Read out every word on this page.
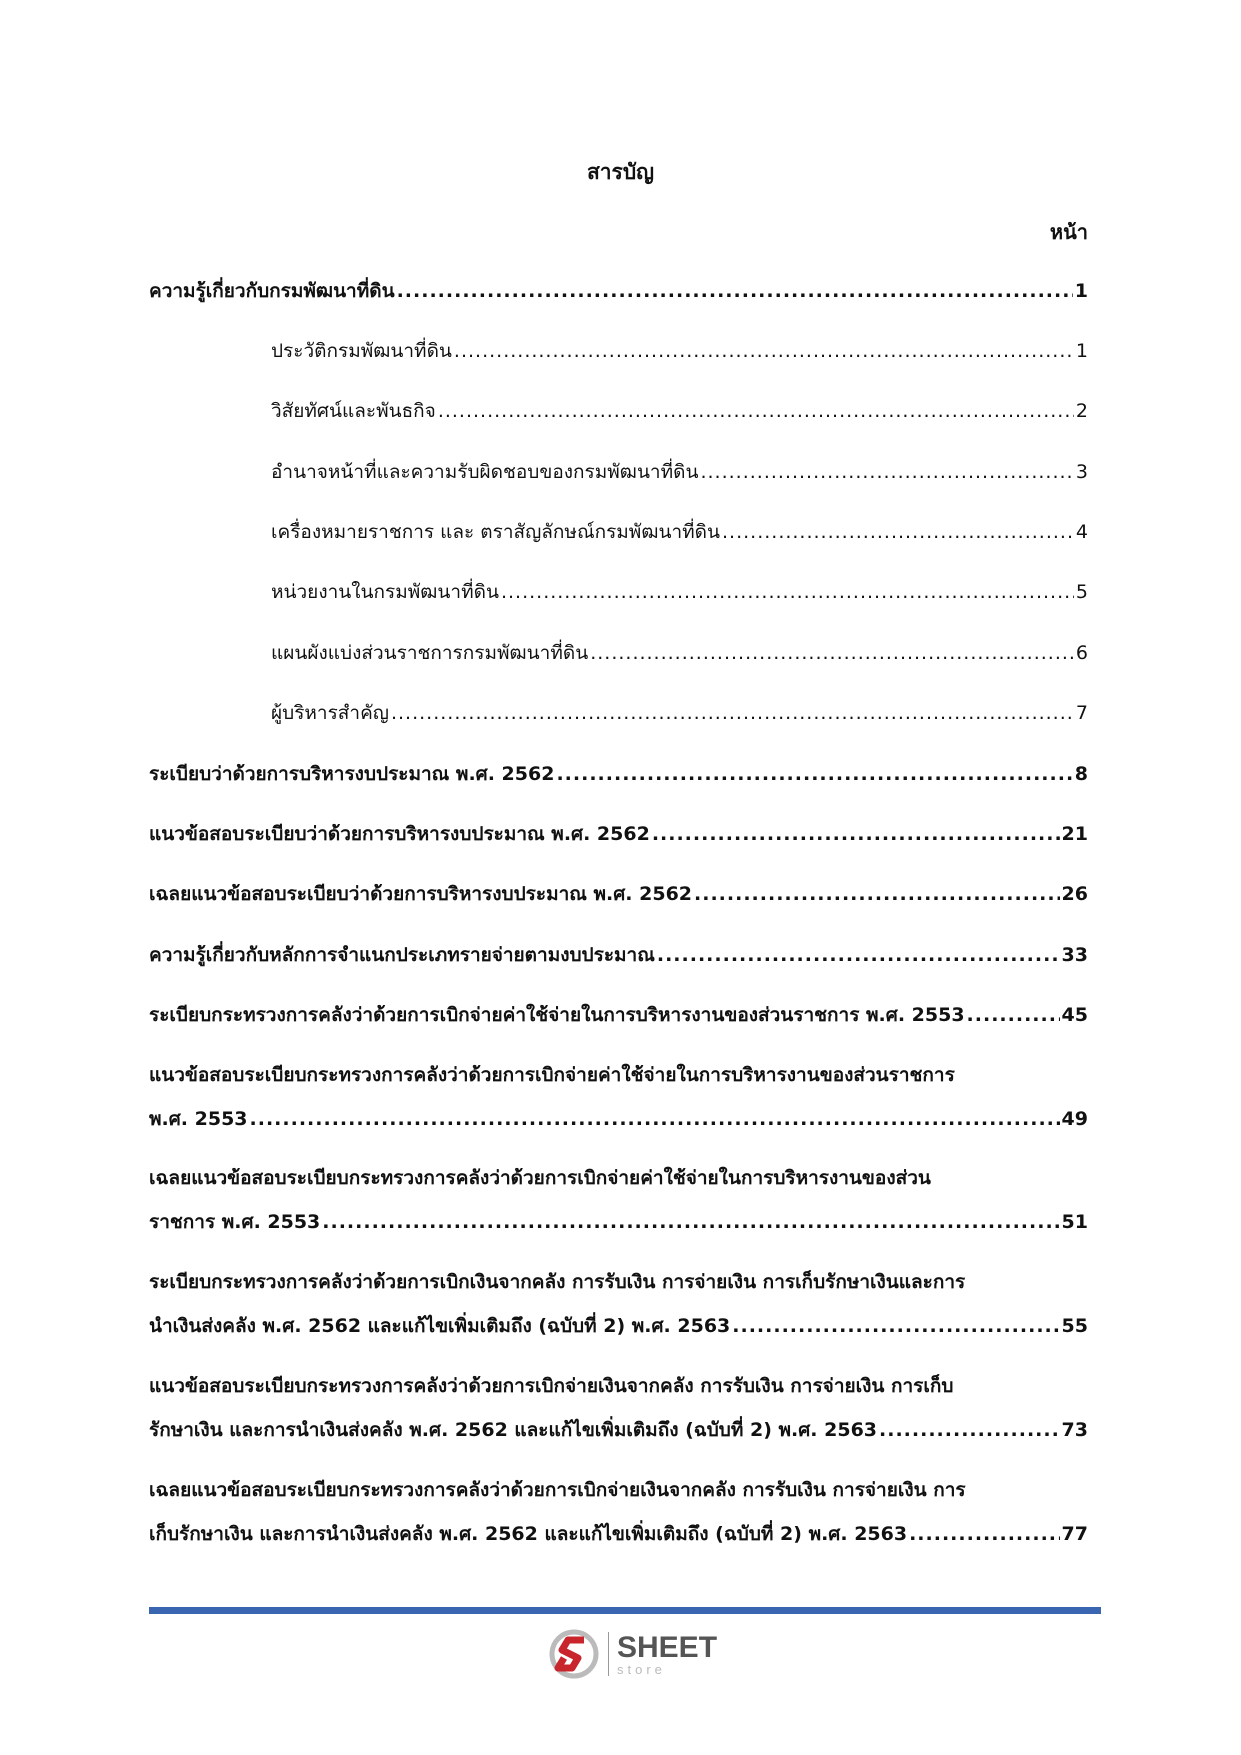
สารบัญ
หน้า
ความรู้เกี่ยวกับกรมพัฒนาที่ดิน .....	1
ประวัติกรมพัฒนาที่ดิน .....	1
วิสัยทัศน์และพันธกิจ .....	2
อำนาจหน้าที่และความรับผิดชอบของกรมพัฒนาที่ดิน .....	3
เครื่องหมายราชการ และ ตราสัญลักษณ์กรมพัฒนาที่ดิน .....	4
หน่วยงานในกรมพัฒนาที่ดิน .....	5
แผนผังแบ่งส่วนราชการกรมพัฒนาที่ดิน .....	6
ผู้บริหารสำคัญ .....	7
ระเบียบว่าด้วยการบริหารงบประมาณ พ.ศ. 2562 .....	8
แนวข้อสอบระเบียบว่าด้วยการบริหารงบประมาณ พ.ศ. 2562 .....	21
เฉลยแนวข้อสอบระเบียบว่าด้วยการบริหารงบประมาณ พ.ศ. 2562 .....	26
ความรู้เกี่ยวกับหลักการจำแนกประเภทรายจ่ายตามงบประมาณ .....	33
ระเบียบกระทรวงการคลังว่าด้วยการเบิกจ่ายค่าใช้จ่ายในการบริหารงานของส่วนราชการ พ.ศ. 2553 .....	45
แนวข้อสอบระเบียบกระทรวงการคลังว่าด้วยการเบิกจ่ายค่าใช้จ่ายในการบริหารงานของส่วนราชการ
พ.ศ. 2553 .....	49
เฉลยแนวข้อสอบระเบียบกระทรวงการคลังว่าด้วยการเบิกจ่ายค่าใช้จ่ายในการบริหารงานของส่วน
ราชการ พ.ศ. 2553 .....	51
ระเบียบกระทรวงการคลังว่าด้วยการเบิกเงินจากคลัง การรับเงิน การจ่ายเงิน การเก็บรักษาเงินและการ
นำเงินส่งคลัง พ.ศ. 2562 และแก้ไขเพิ่มเติมถึง (ฉบับที่ 2) พ.ศ. 2563 .....	55
แนวข้อสอบระเบียบกระทรวงการคลังว่าด้วยการเบิกจ่ายเงินจากคลัง การรับเงิน การจ่ายเงิน การเก็บ
รักษาเงิน และการนำเงินส่งคลัง พ.ศ. 2562 และแก้ไขเพิ่มเติมถึง (ฉบับที่ 2) พ.ศ. 2563 .....	73
เฉลยแนวข้อสอบระเบียบกระทรวงการคลังว่าด้วยการเบิกจ่ายเงินจากคลัง การรับเงิน การจ่ายเงิน การ
เก็บรักษาเงิน และการนำเงินส่งคลัง พ.ศ. 2562 และแก้ไขเพิ่มเติมถึง (ฉบับที่ 2) พ.ศ. 2563 .....	77
SHEET
store
